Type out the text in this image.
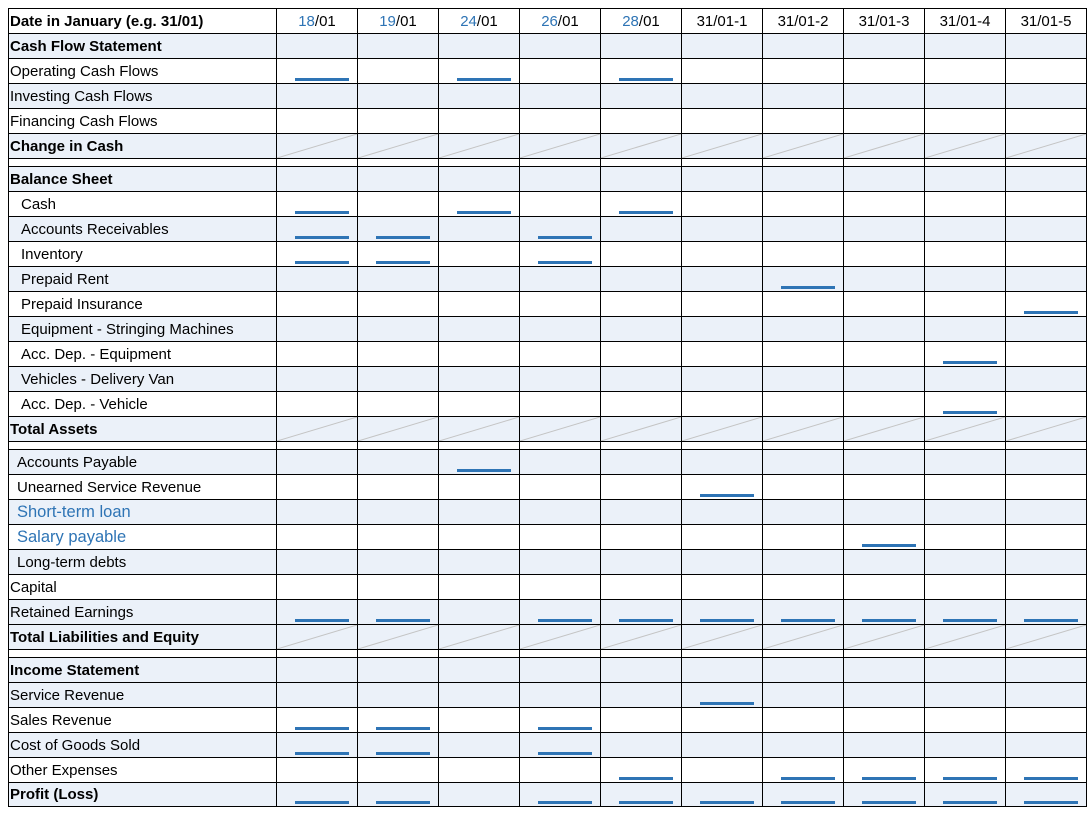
Date in January (e.g. 31/01)	18/01	19/01	24/01	26/01	28/01	31/01-1	31/01-2	31/01-3	31/01-4	31/01-5
Cash Flow Statement										
Operating Cash Flows	

Investing Cash Flows										
Financing Cash Flows										
Change in Cash	

Balance Sheet										
Cash	

Accounts Receivables	

Inventory	

Prepaid Rent							

Prepaid Insurance										

Equipment - Stringing Machines										
Acc. Dep. - Equipment									

Vehicles - Delivery Van										
Acc. Dep. - Vehicle									

Total Assets	

Accounts Payable			

Unearned Service Revenue						

Short-term loan										
Salary payable								

Long-term debts										
Capital										
Retained Earnings	

Total Liabilities and Equity	

Income Statement										
Service Revenue						

Sales Revenue	

Cost of Goods Sold	

Other Expenses					

Profit (Loss)	
